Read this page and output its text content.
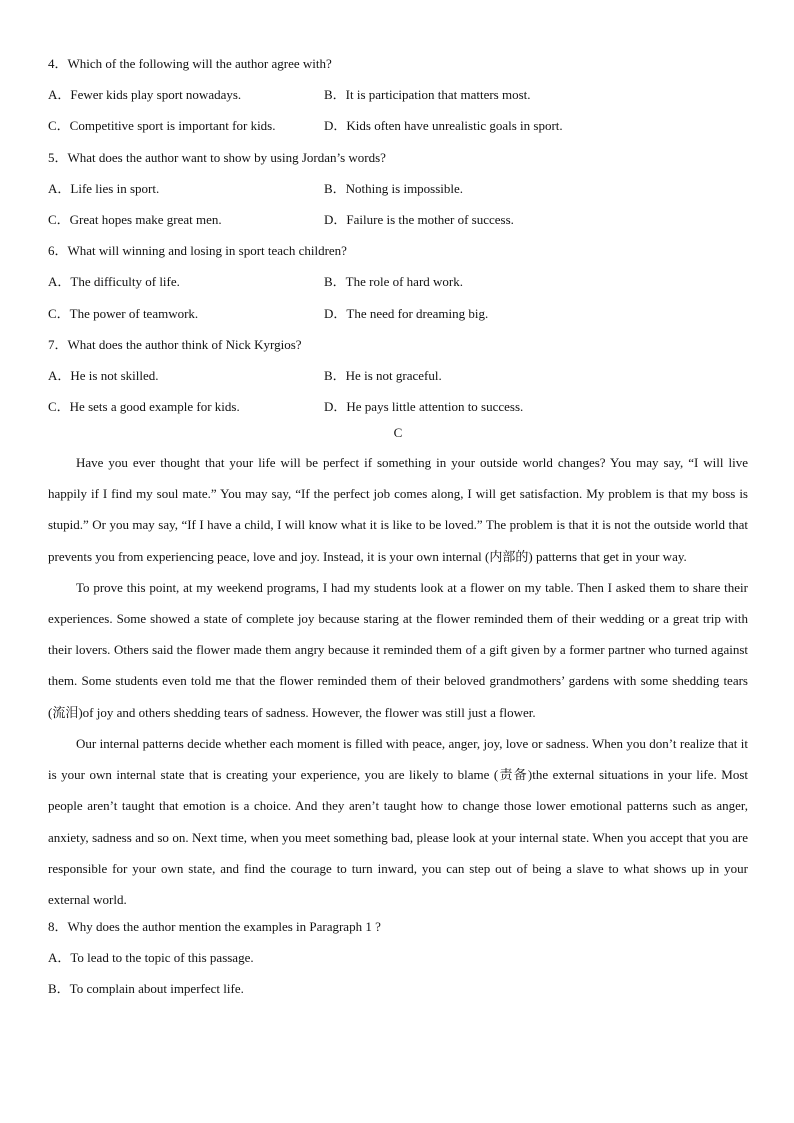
4．Which of the following will the author agree with?
A．Fewer kids play sport nowadays.	B．It is participation that matters most.
C．Competitive sport is important for kids.	D．Kids often have unrealistic goals in sport.
5．What does the author want to show by using Jordan’s words?
A．Life lies in sport.	B．Nothing is impossible.
C．Great hopes make great men.	D．Failure is the mother of success.
6．What will winning and losing in sport teach children?
A．The difficulty of life.	B．The role of hard work.
C．The power of teamwork.	D．The need for dreaming big.
7．What does the author think of Nick Kyrgios?
A．He is not skilled.	B．He is not graceful.
C．He sets a good example for kids.	D．He pays little attention to success.
C

Have you ever thought that your life will be perfect if something in your outside world changes? You may say, “I will live happily if I find my soul mate.” You may say, “If the perfect job comes along, I will get satisfaction. My problem is that my boss is stupid.” Or you may say, “If I have a child, I will know what it is like to be loved.” The problem is that it is not the outside world that prevents you from experiencing peace, love and joy. Instead, it is your own internal (内部的) patterns that get in your way.

To prove this point, at my weekend programs, I had my students look at a flower on my table. Then I asked them to share their experiences. Some showed a state of complete joy because staring at the flower reminded them of their wedding or a great trip with their lovers. Others said the flower made them angry because it reminded them of a gift given by a former partner who turned against them. Some students even told me that the flower reminded them of their beloved grandmothers’ gardens with some shedding tears (流泪)of joy and others shedding tears of sadness. However, the flower was still just a flower.

Our internal patterns decide whether each moment is filled with peace, anger, joy, love or sadness. When you don’t realize that it is your own internal state that is creating your experience, you are likely to blame (责备)the external situations in your life. Most people aren’t taught that emotion is a choice. And they aren’t taught how to change those lower emotional patterns such as anger, anxiety, sadness and so on. Next time, when you meet something bad, please look at your internal state. When you accept that you are responsible for your own state, and find the courage to turn inward, you can step out of being a slave to what shows up in your external world.

8．Why does the author mention the examples in Paragraph 1 ?
A．To lead to the topic of this passage.
B．To complain about imperfect life.
